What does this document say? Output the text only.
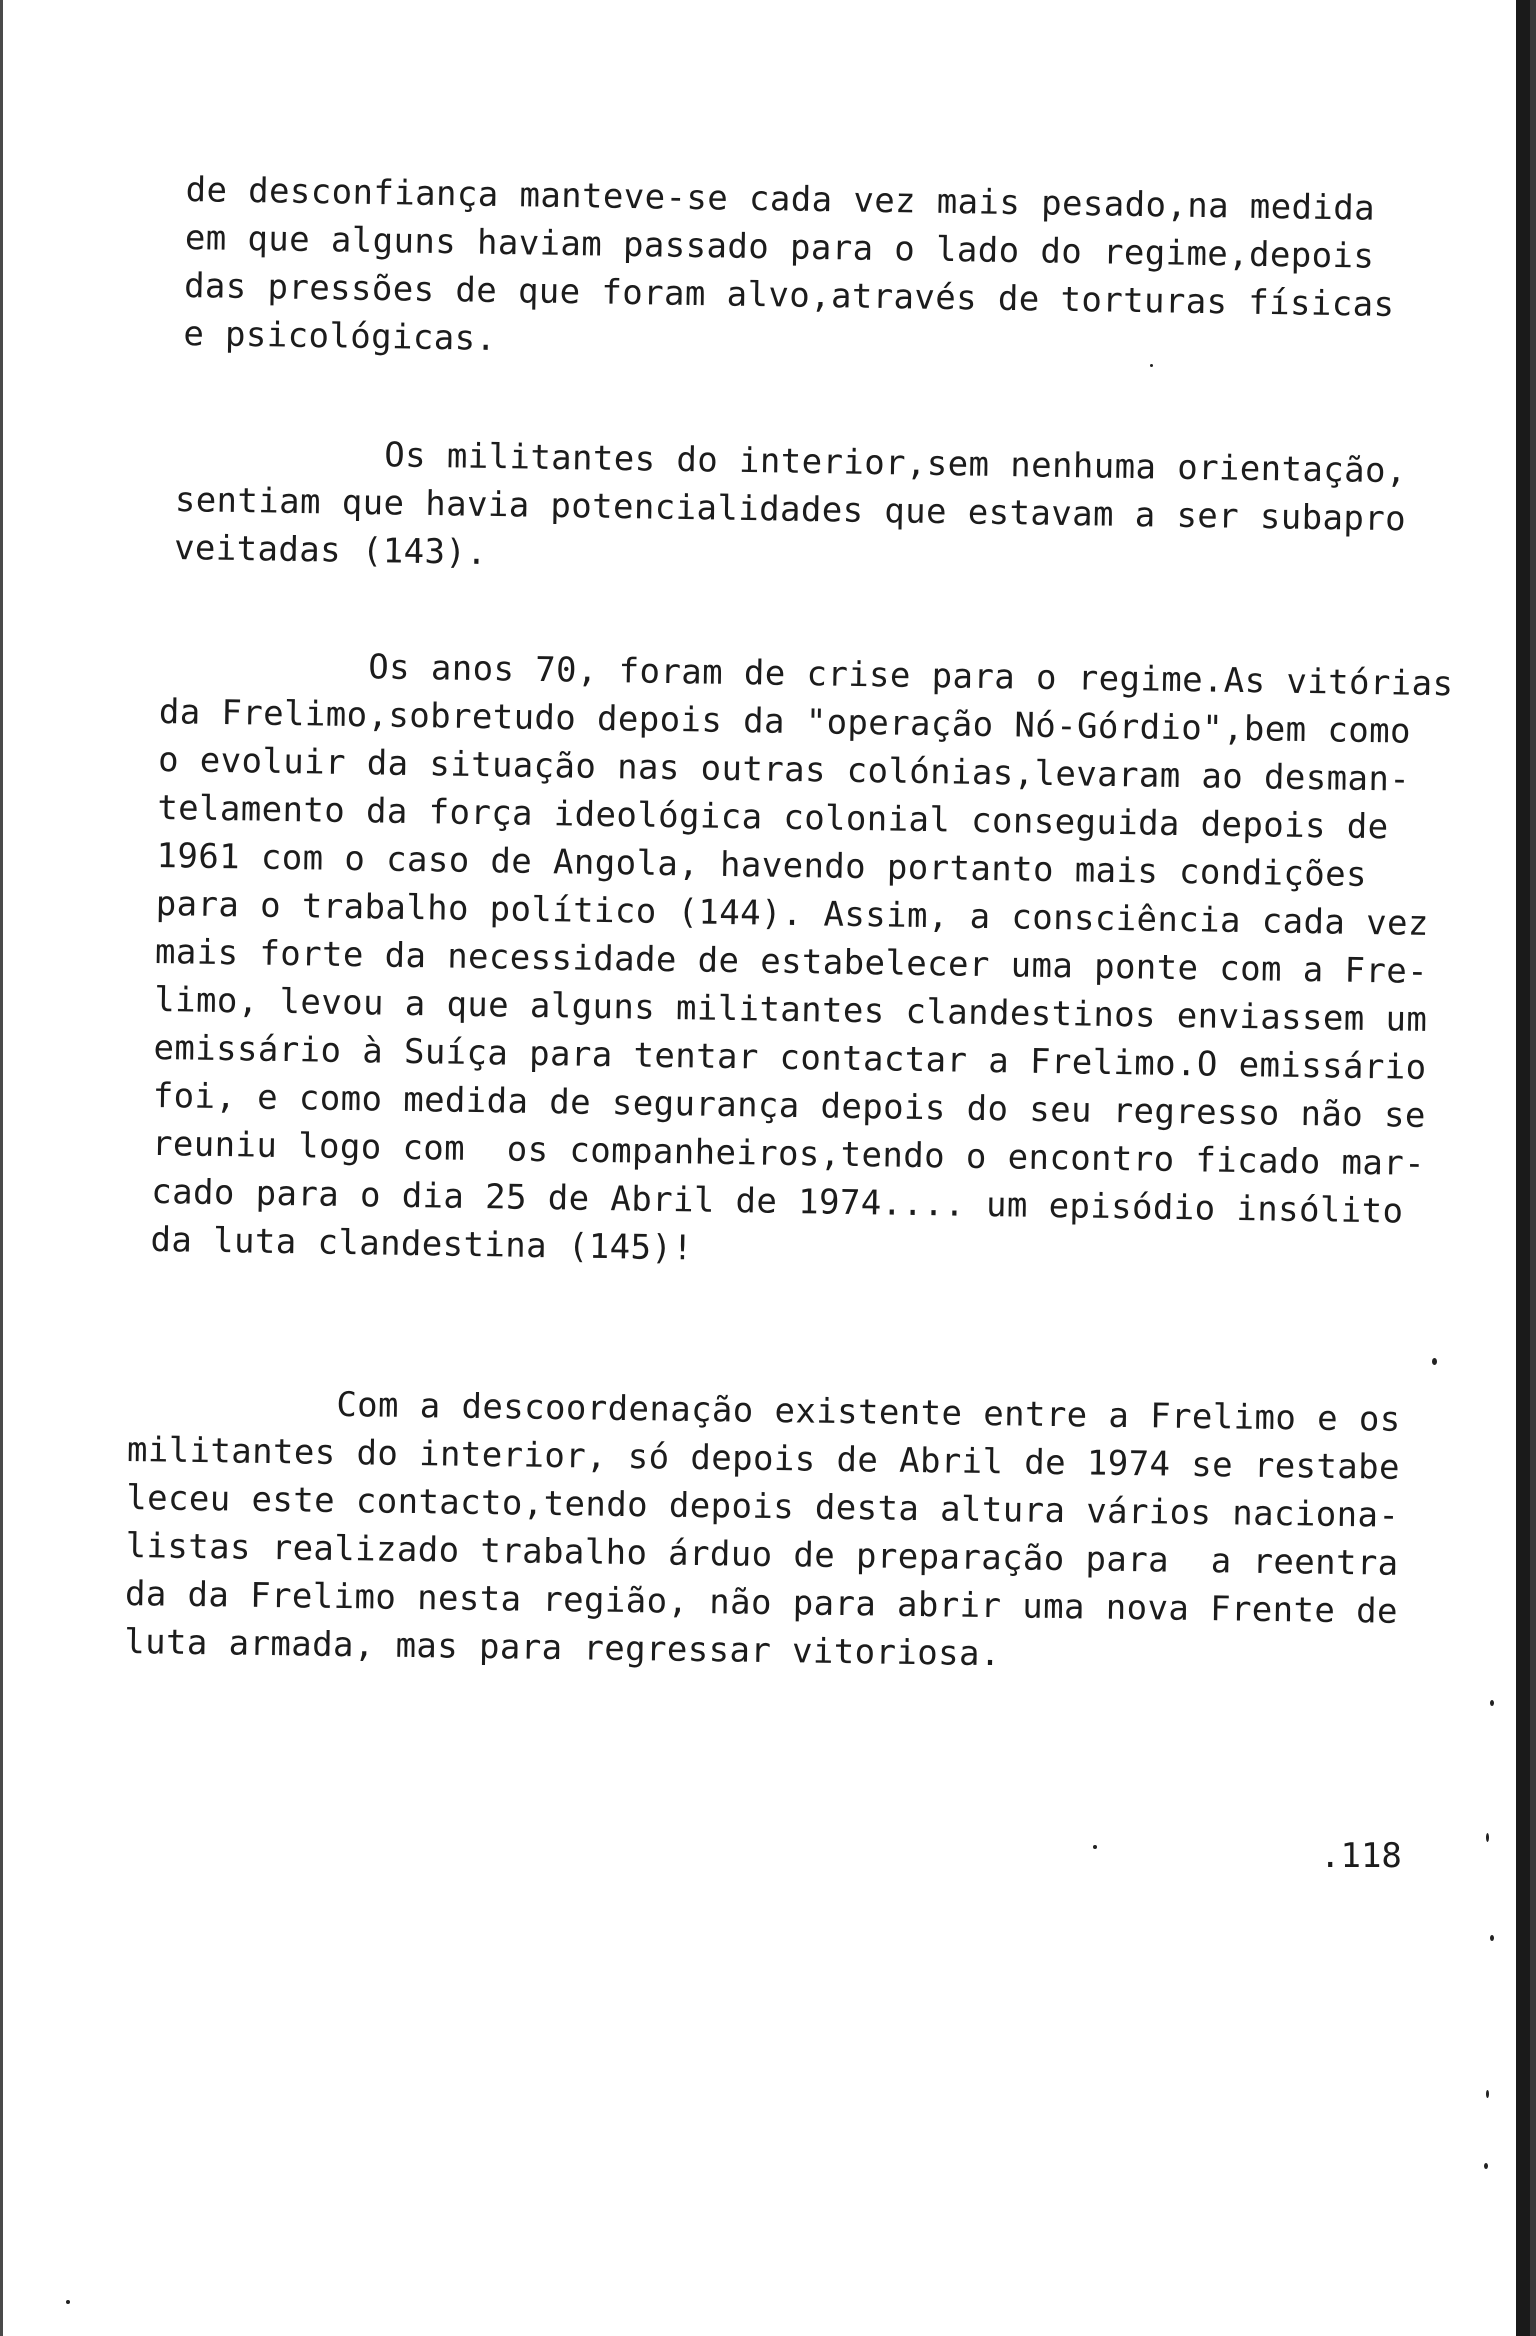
de desconfiança manteve-se cada vez mais pesado,na medida
em que alguns haviam passado para o lado do regime,depois
das pressões de que foram alvo,através de torturas físicas
e psicológicas.

Os militantes do interior,sem nenhuma orientação,
sentiam que havia potencialidades que estavam a ser subapro
veitadas (143).

Os anos 70, foram de crise para o regime.As vitórias
da Frelimo,sobretudo depois da "operação Nó-Górdio",bem como
o evoluir da situação nas outras colónias,levaram ao desman-
telamento da força ideológica colonial conseguida depois de
1961 com o caso de Angola, havendo portanto mais condições
para o trabalho político (144). Assim, a consciência cada vez
mais forte da necessidade de estabelecer uma ponte com a Fre-
limo, levou a que alguns militantes clandestinos enviassem um
emissário à Suíça para tentar contactar a Frelimo.O emissário
foi, e como medida de segurança depois do seu regresso não se
reuniu logo com  os companheiros,tendo o encontro ficado mar-
cado para o dia 25 de Abril de 1974.... um episódio insólito
da luta clandestina (145)!

Com a descoordenação existente entre a Frelimo e os
militantes do interior, só depois de Abril de 1974 se restabe
leceu este contacto,tendo depois desta altura vários naciona-
listas realizado trabalho árduo de preparação para  a reentra
da da Frelimo nesta região, não para abrir uma nova Frente de
luta armada, mas para regressar vitoriosa.

.118
